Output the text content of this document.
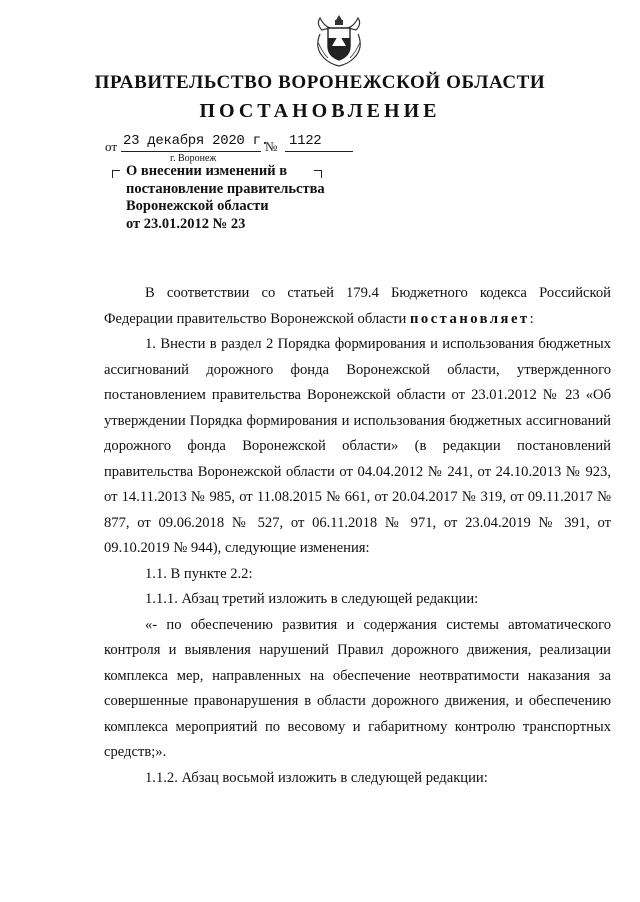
ПРАВИТЕЛЬСТВО ВОРОНЕЖСКОЙ ОБЛАСТИ
ПОСТАНОВЛЕНИЕ
от 23 декабря 2020 г.
№ 1122
г. Воронеж
О внесении изменений в
постановление правительства
Воронежской области
от 23.01.2012 № 23

В соответствии со статьей 179.4 Бюджетного кодекса Российской Федерации правительство Воронежской области постановляет:

1. Внести в раздел 2 Порядка формирования и использования бюджетных ассигнований дорожного фонда Воронежской области, утвержденного постановлением правительства Воронежской области от 23.01.2012 № 23 «Об утверждении Порядка формирования и использования бюджетных ассигнований дорожного фонда Воронежской области» (в редакции постановлений правительства Воронежской области от 04.04.2012 № 241, от 24.10.2013 № 923, от 14.11.2013 № 985, от 11.08.2015 № 661, от 20.04.2017 № 319, от 09.11.2017 № 877, от 09.06.2018 № 527, от 06.11.2018 № 971, от 23.04.2019 № 391, от 09.10.2019 № 944), следующие изменения:

1.1. В пункте 2.2:

1.1.1. Абзац третий изложить в следующей редакции:

«- по обеспечению развития и содержания системы автоматического контроля и выявления нарушений Правил дорожного движения, реализации комплекса мер, направленных на обеспечение неотвратимости наказания за совершенные правонарушения в области дорожного движения, и обеспечению комплекса мероприятий по весовому и габаритному контролю транспортных средств;».

1.1.2. Абзац восьмой изложить в следующей редакции:
